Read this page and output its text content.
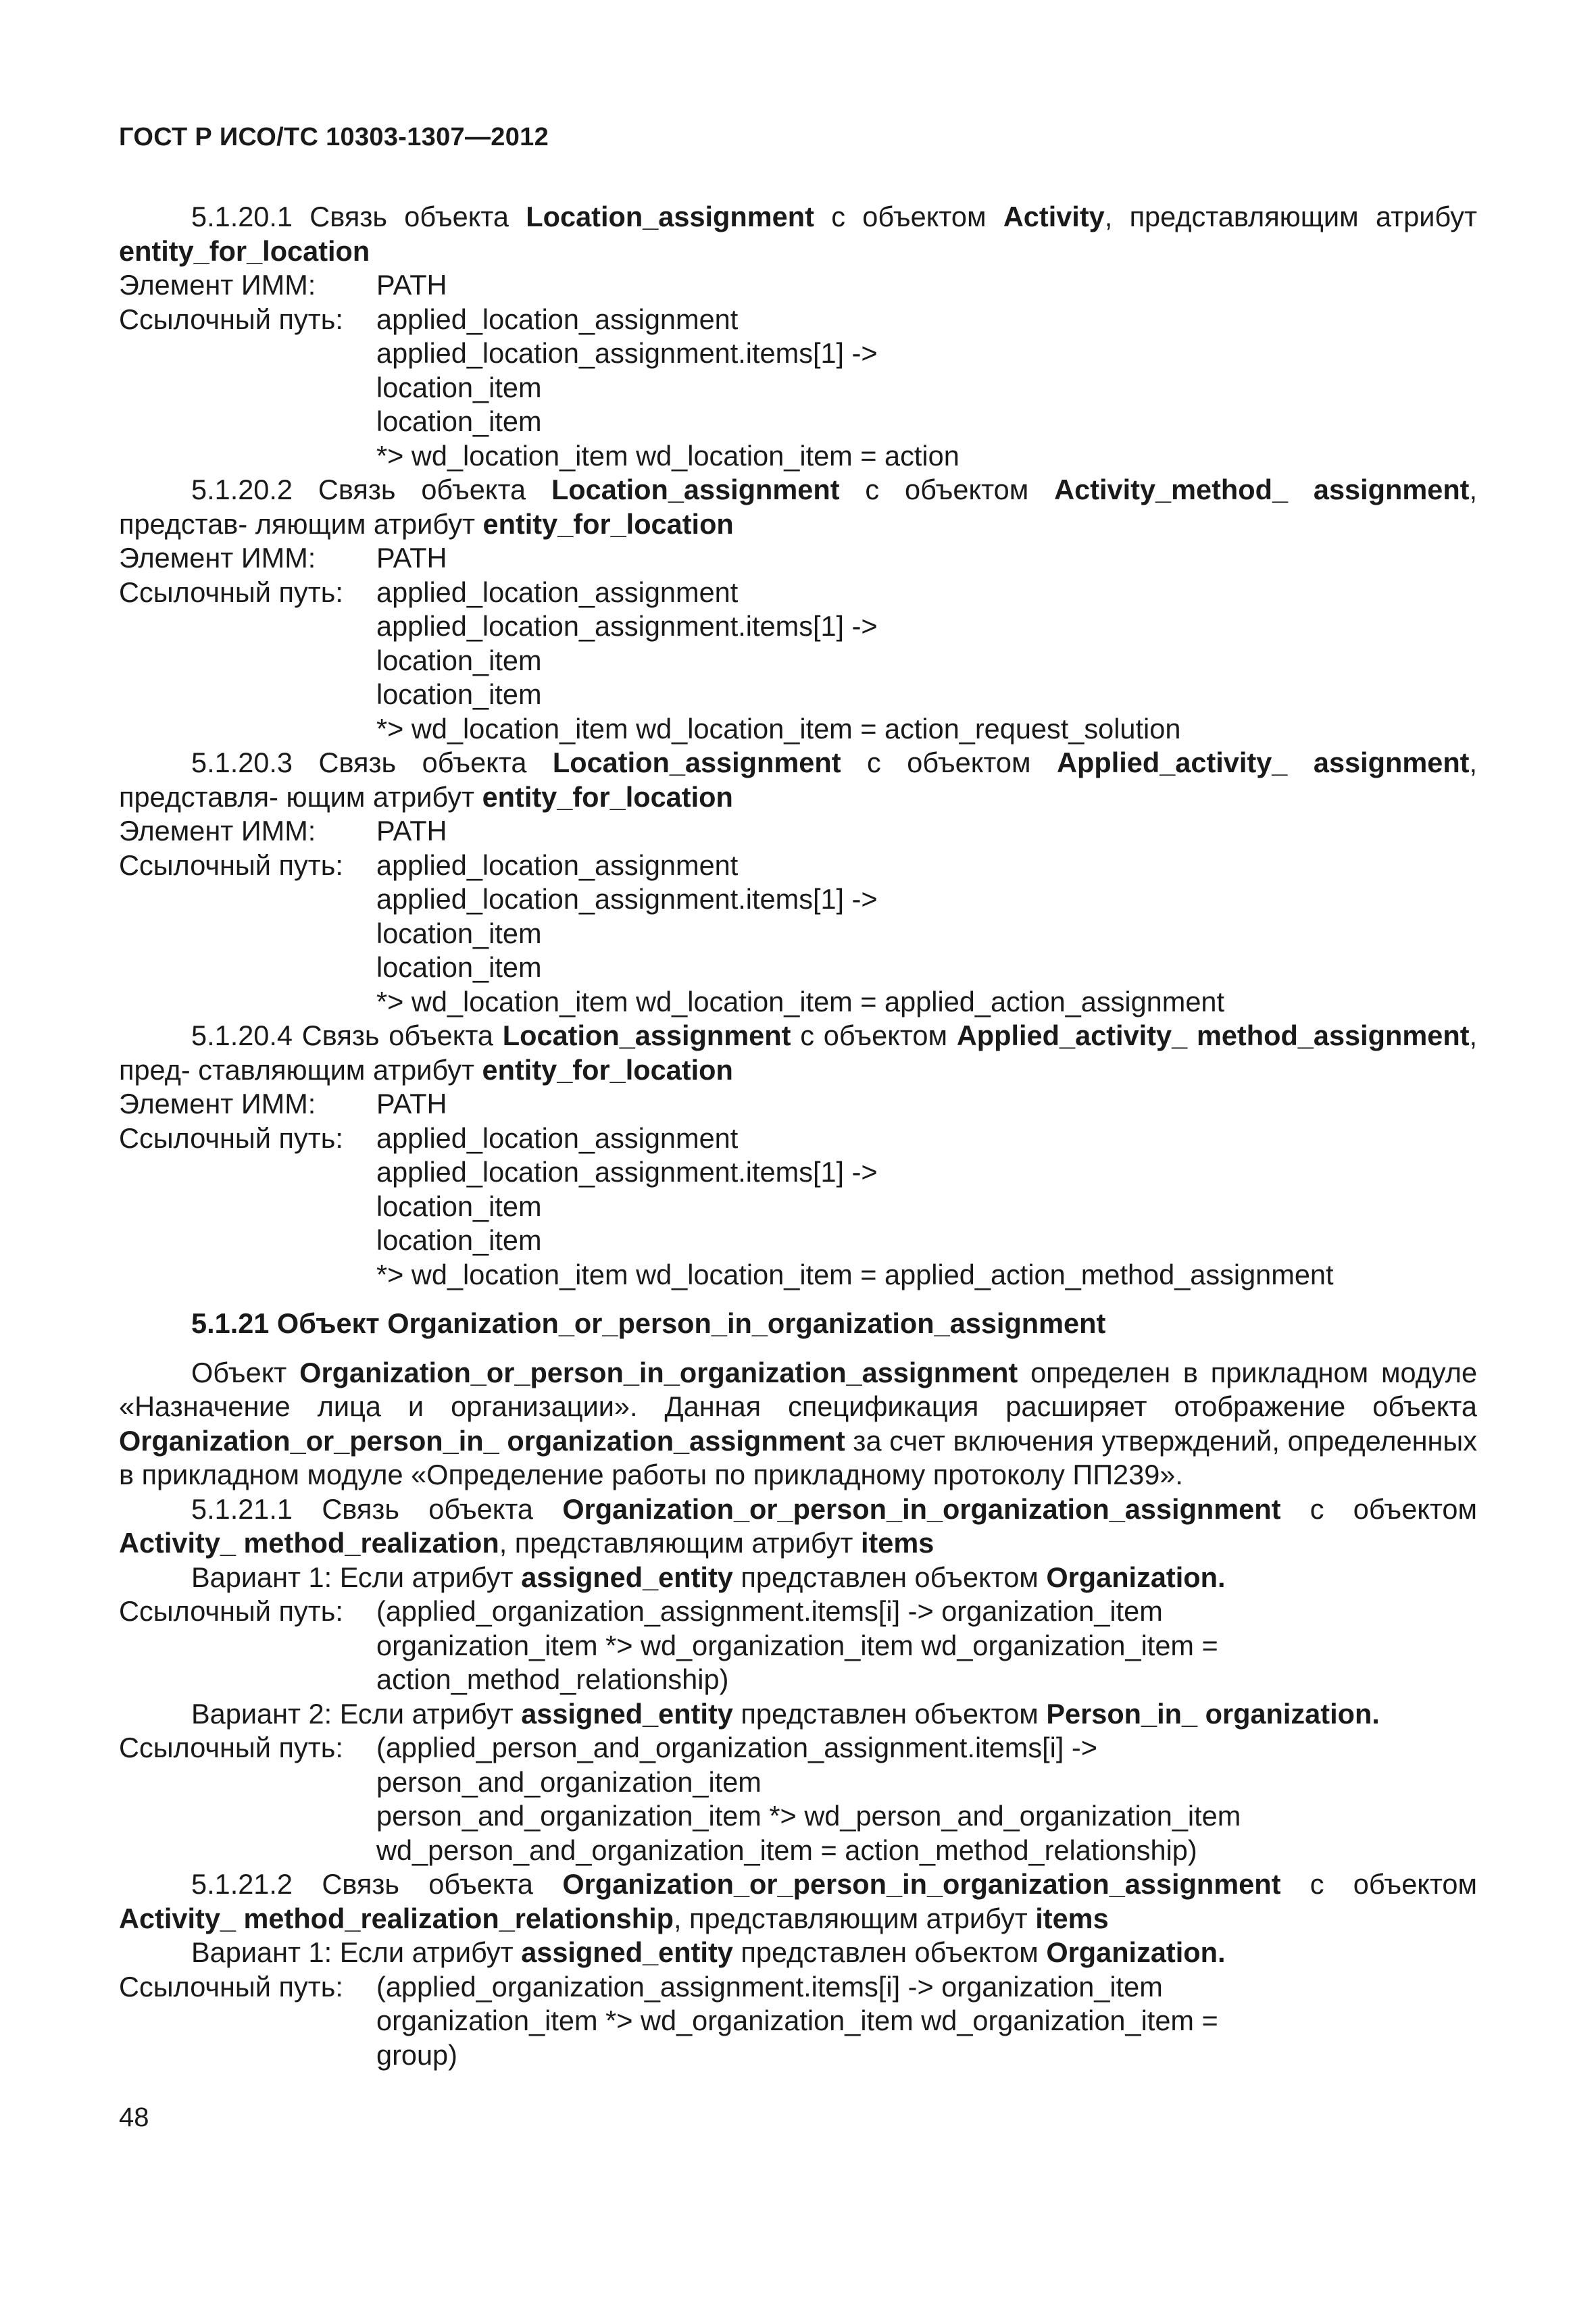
ГОСТ Р ИСО/ТС 10303-1307—2012

5.1.20.1 Связь объекта Location_assignment с объектом Activity, представляющим атрибут entity_for_location

Элемент ИММ: PATH

Ссылочный путь: applied_location_assignment

applied_location_assignment.items[1] ->

location_item

location_item

*> wd_location_item wd_location_item = action

5.1.20.2 Связь объекта Location_assignment с объектом Activity_method_ assignment, представ- ляющим атрибут entity_for_location

Элемент ИММ: PATH

Ссылочный путь: applied_location_assignment

applied_location_assignment.items[1] ->

location_item

location_item

*> wd_location_item wd_location_item = action_request_solution

5.1.20.3 Связь объекта Location_assignment с объектом Applied_activity_ assignment, представля- ющим атрибут entity_for_location

Элемент ИММ: PATH

Ссылочный путь: applied_location_assignment

applied_location_assignment.items[1] ->

location_item

location_item

*> wd_location_item wd_location_item = applied_action_assignment

5.1.20.4 Связь объекта Location_assignment с объектом Applied_activity_ method_assignment, пред- ставляющим атрибут entity_for_location

Элемент ИММ: PATH

Ссылочный путь: applied_location_assignment

applied_location_assignment.items[1] ->

location_item

location_item

*> wd_location_item wd_location_item = applied_action_method_assignment

5.1.21 Объект Organization_or_person_in_organization_assignment

Объект Organization_or_person_in_organization_assignment определен в прикладном модуле «Назначение лица и организации». Данная спецификация расширяет отображение объекта Organization_or_person_in_ organization_assignment за счет включения утверждений, определенных в прикладном модуле «Определение работы по прикладному протоколу ПП239».

5.1.21.1 Связь объекта Organization_or_person_in_organization_assignment с объектом Activity_ method_realization, представляющим атрибут items

Вариант 1: Если атрибут assigned_entity представлен объектом Organization.

Ссылочный путь: (applied_organization_assignment.items[i] -> organization_item

organization_item *> wd_organization_item wd_organization_item =

action_method_relationship)

Вариант 2: Если атрибут assigned_entity представлен объектом Person_in_ organization.

Ссылочный путь: (applied_person_and_organization_assignment.items[i] ->

person_and_organization_item

person_and_organization_item *> wd_person_and_organization_item

wd_person_and_organization_item = action_method_relationship)

5.1.21.2 Связь объекта Organization_or_person_in_organization_assignment с объектом Activity_ method_realization_relationship, представляющим атрибут items

Вариант 1: Если атрибут assigned_entity представлен объектом Organization.

Ссылочный путь: (applied_organization_assignment.items[i] -> organization_item

organization_item *> wd_organization_item wd_organization_item =

group)

48
